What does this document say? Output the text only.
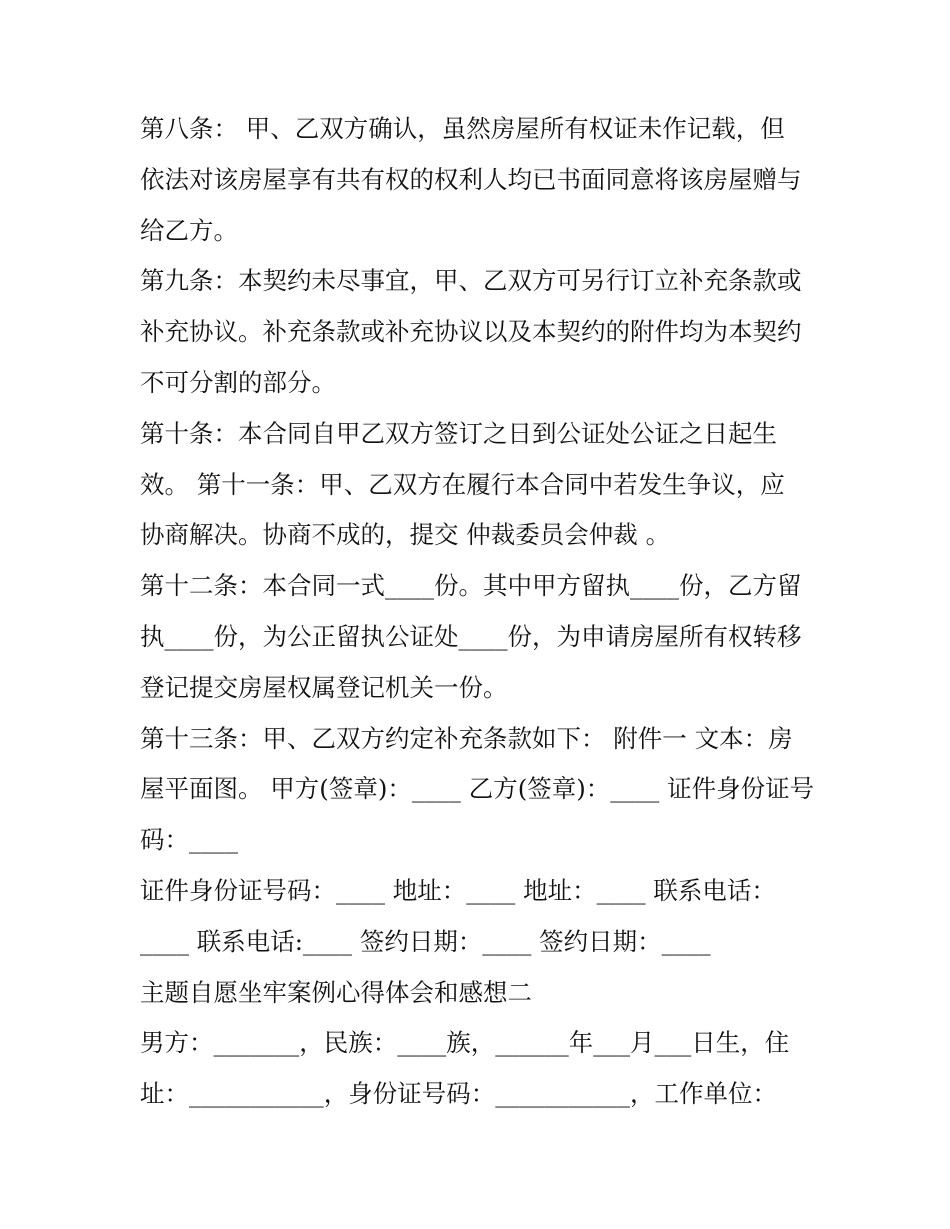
第八条： 甲、乙双方确认，虽然房屋所有权证未作记载，但
依法对该房屋享有共有权的权利人均已书面同意将该房屋赠与
给乙方。

第九条：本契约未尽事宜，甲、乙双方可另行订立补充条款或
补充协议。补充条款或补充协议以及本契约的附件均为本契约
不可分割的部分。

第十条：本合同自甲乙双方签订之日到公证处公证之日起生
效。 第十一条：甲、乙双方在履行本合同中若发生争议，应
协商解决。协商不成的，提交 仲裁委员会仲裁 。

第十二条：本合同一式____份。其中甲方留执____份，乙方留
执____份，为公正留执公证处____份，为申请房屋所有权转移
登记提交房屋权属登记机关一份。

第十三条：甲、乙双方约定补充条款如下： 附件一 文本：房
屋平面图。 甲方(签章)：____ 乙方(签章)：____ 证件身份证号
码：____

证件身份证号码：____ 地址：____ 地址：____ 联系电话：
____ 联系电话:____ 签约日期：____ 签约日期：____

主题自愿坐牢案例心得体会和感想二

男方：_______，民族：____族，______年___月___日生，住
址：___________，身份证号码：___________，工作单位：
